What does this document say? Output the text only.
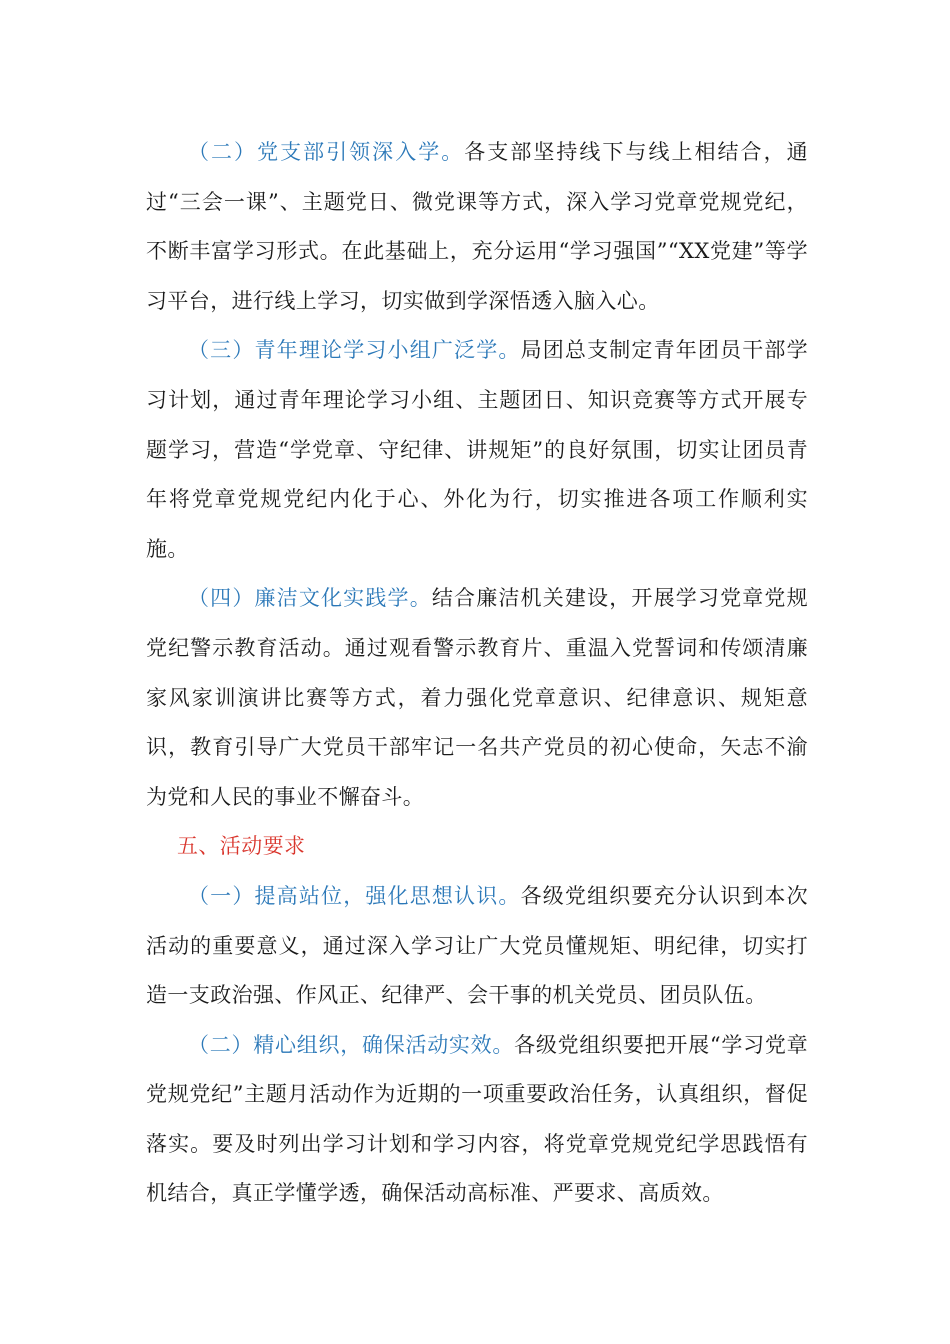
（二）党支部引领深入学。各支部坚持线下与线上相结合，通过“三会一课”、主题党日、微党课等方式，深入学习党章党规党纪，不断丰富学习形式。在此基础上，充分运用“学习强国”“XX党建”等学习平台，进行线上学习，切实做到学深悟透入脑入心。

（三）青年理论学习小组广泛学。局团总支制定青年团员干部学习计划，通过青年理论学习小组、主题团日、知识竞赛等方式开展专题学习，营造“学党章、守纪律、讲规矩”的良好氛围，切实让团员青年将党章党规党纪内化于心、外化为行，切实推进各项工作顺利实施。

（四）廉洁文化实践学。结合廉洁机关建设，开展学习党章党规党纪警示教育活动。通过观看警示教育片、重温入党誓词和传颂清廉家风家训演讲比赛等方式，着力强化党章意识、纪律意识、规矩意识，教育引导广大党员干部牢记一名共产党员的初心使命，矢志不渝为党和人民的事业不懈奋斗。

五、活动要求

（一）提高站位，强化思想认识。各级党组织要充分认识到本次活动的重要意义，通过深入学习让广大党员懂规矩、明纪律，切实打造一支政治强、作风正、纪律严、会干事的机关党员、团员队伍。

（二）精心组织，确保活动实效。各级党组织要把开展“学习党章党规党纪”主题月活动作为近期的一项重要政治任务，认真组织，督促落实。要及时列出学习计划和学习内容，将党章党规党纪学思践悟有机结合，真正学懂学透，确保活动高标准、严要求、高质效。
